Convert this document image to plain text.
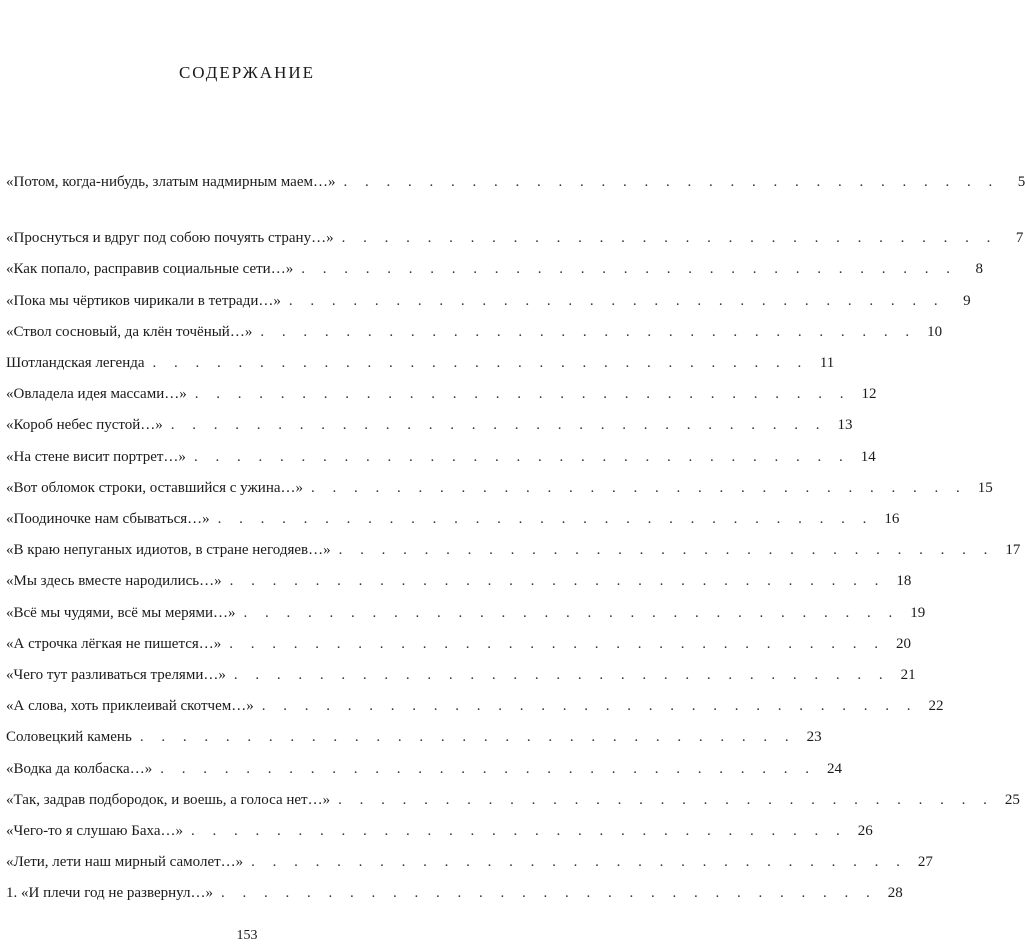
СОДЕРЖАНИЕ
«Потом, когда-нибудь, златым надмирным маем…» . . . . . . . . . . . . . . . . . . . . . . . . . . . . . . .	5
«Проснуться и вдруг под собою почуять страну…» . . . . . . . . . . . . . . . . . . . . . . . . . . . . . . .	7
«Как попало, расправив социальные сети…» . . . . . . . . . . . . . . . . . . . . . . . . . . . . . . .	8
«Пока мы чёртиков чирикали в тетради…» . . . . . . . . . . . . . . . . . . . . . . . . . . . . . . .	9
«Ствол сосновый, да клён точёный…» . . . . . . . . . . . . . . . . . . . . . . . . . . . . . . . 10
Шотландская легенда . . . . . . . . . . . . . . . . . . . . . . . . . . . . . . . 11
«Овладела идея массами…» . . . . . . . . . . . . . . . . . . . . . . . . . . . . . . . 12
«Короб небес пустой…» . . . . . . . . . . . . . . . . . . . . . . . . . . . . . . . 13
«На стене висит портрет…» . . . . . . . . . . . . . . . . . . . . . . . . . . . . . . . 14
«Вот обломок строки, оставшийся с ужина…» . . . . . . . . . . . . . . . . . . . . . . . . . . . . . . . 15
«Поодиночке нам сбываться…» . . . . . . . . . . . . . . . . . . . . . . . . . . . . . . . 16
«В краю непуганых идиотов, в стране негодяев…» . . . . . . . . . . . . . . . . . . . . . . . . . . . . . . . 17
«Мы здесь вместе народились…» . . . . . . . . . . . . . . . . . . . . . . . . . . . . . . . 18
«Всё мы чудями, всё мы мерями…» . . . . . . . . . . . . . . . . . . . . . . . . . . . . . . . 19
«А строчка лёгкая не пишется…» . . . . . . . . . . . . . . . . . . . . . . . . . . . . . . . 20
«Чего тут разливаться трелями…» . . . . . . . . . . . . . . . . . . . . . . . . . . . . . . . 21
«А слова, хоть приклеивай скотчем…» . . . . . . . . . . . . . . . . . . . . . . . . . . . . . . . 22
Соловецкий камень . . . . . . . . . . . . . . . . . . . . . . . . . . . . . . . 23
«Водка да колбаска…» . . . . . . . . . . . . . . . . . . . . . . . . . . . . . . . 24
«Так, задрав подбородок, и воешь, а голоса нет…» . . . . . . . . . . . . . . . . . . . . . . . . . . . . . . . 25
«Чего-то я слушаю Баха…» . . . . . . . . . . . . . . . . . . . . . . . . . . . . . . . 26
«Лети, лети наш мирный самолет…» . . . . . . . . . . . . . . . . . . . . . . . . . . . . . . . 27
1. «И плечи год не развернул…» . . . . . . . . . . . . . . . . . . . . . . . . . . . . . . . 28
153
